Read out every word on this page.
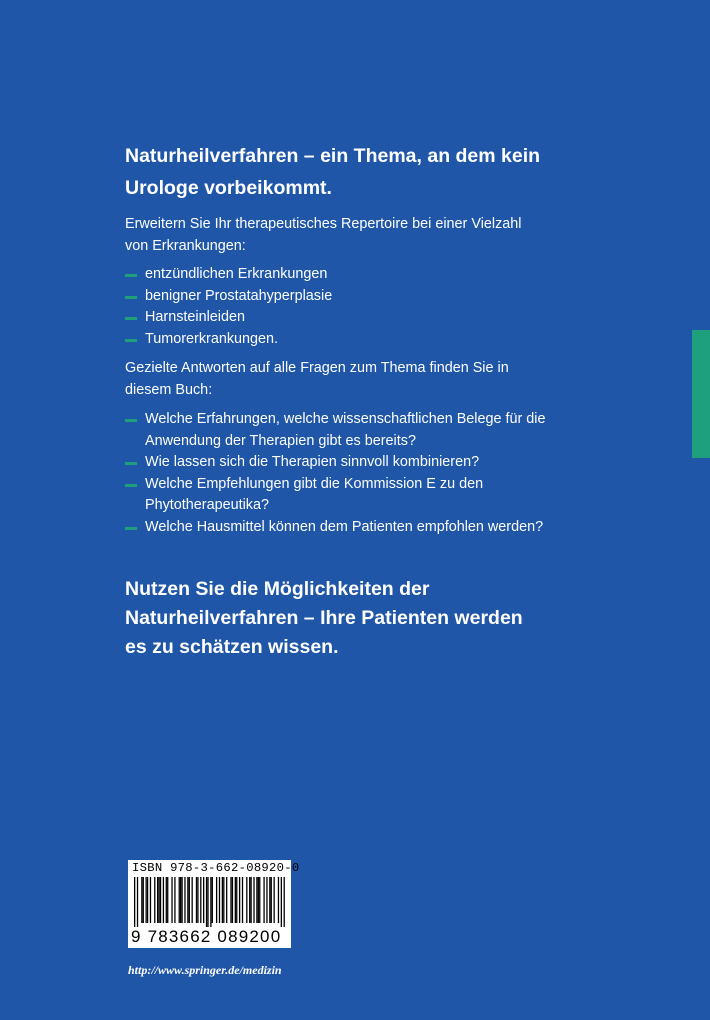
Naturheilverfahren – ein Thema, an dem kein Urologe vorbeikommt.

Erweitern Sie Ihr therapeutisches Repertoire bei einer Vielzahl von Erkrankungen:

entzündlichen Erkrankungen
benigner Prostatahyperplasie
Harnsteinleiden
Tumorerkrankungen.

Gezielte Antworten auf alle Fragen zum Thema finden Sie in diesem Buch:

Welche Erfahrungen, welche wissenschaftlichen Belege für die Anwendung der Therapien gibt es bereits?
Wie lassen sich die Therapien sinnvoll kombinieren?
Welche Empfehlungen gibt die Kommission E zu den Phytotherapeutika?
Welche Hausmittel können dem Patienten empfohlen werden?

Nutzen Sie die Möglichkeiten der Naturheilverfahren – Ihre Patienten werden es zu schätzen wissen.

ISBN 978-3-662-08920-0
9 783662 089200
http://www.springer.de/medizin
